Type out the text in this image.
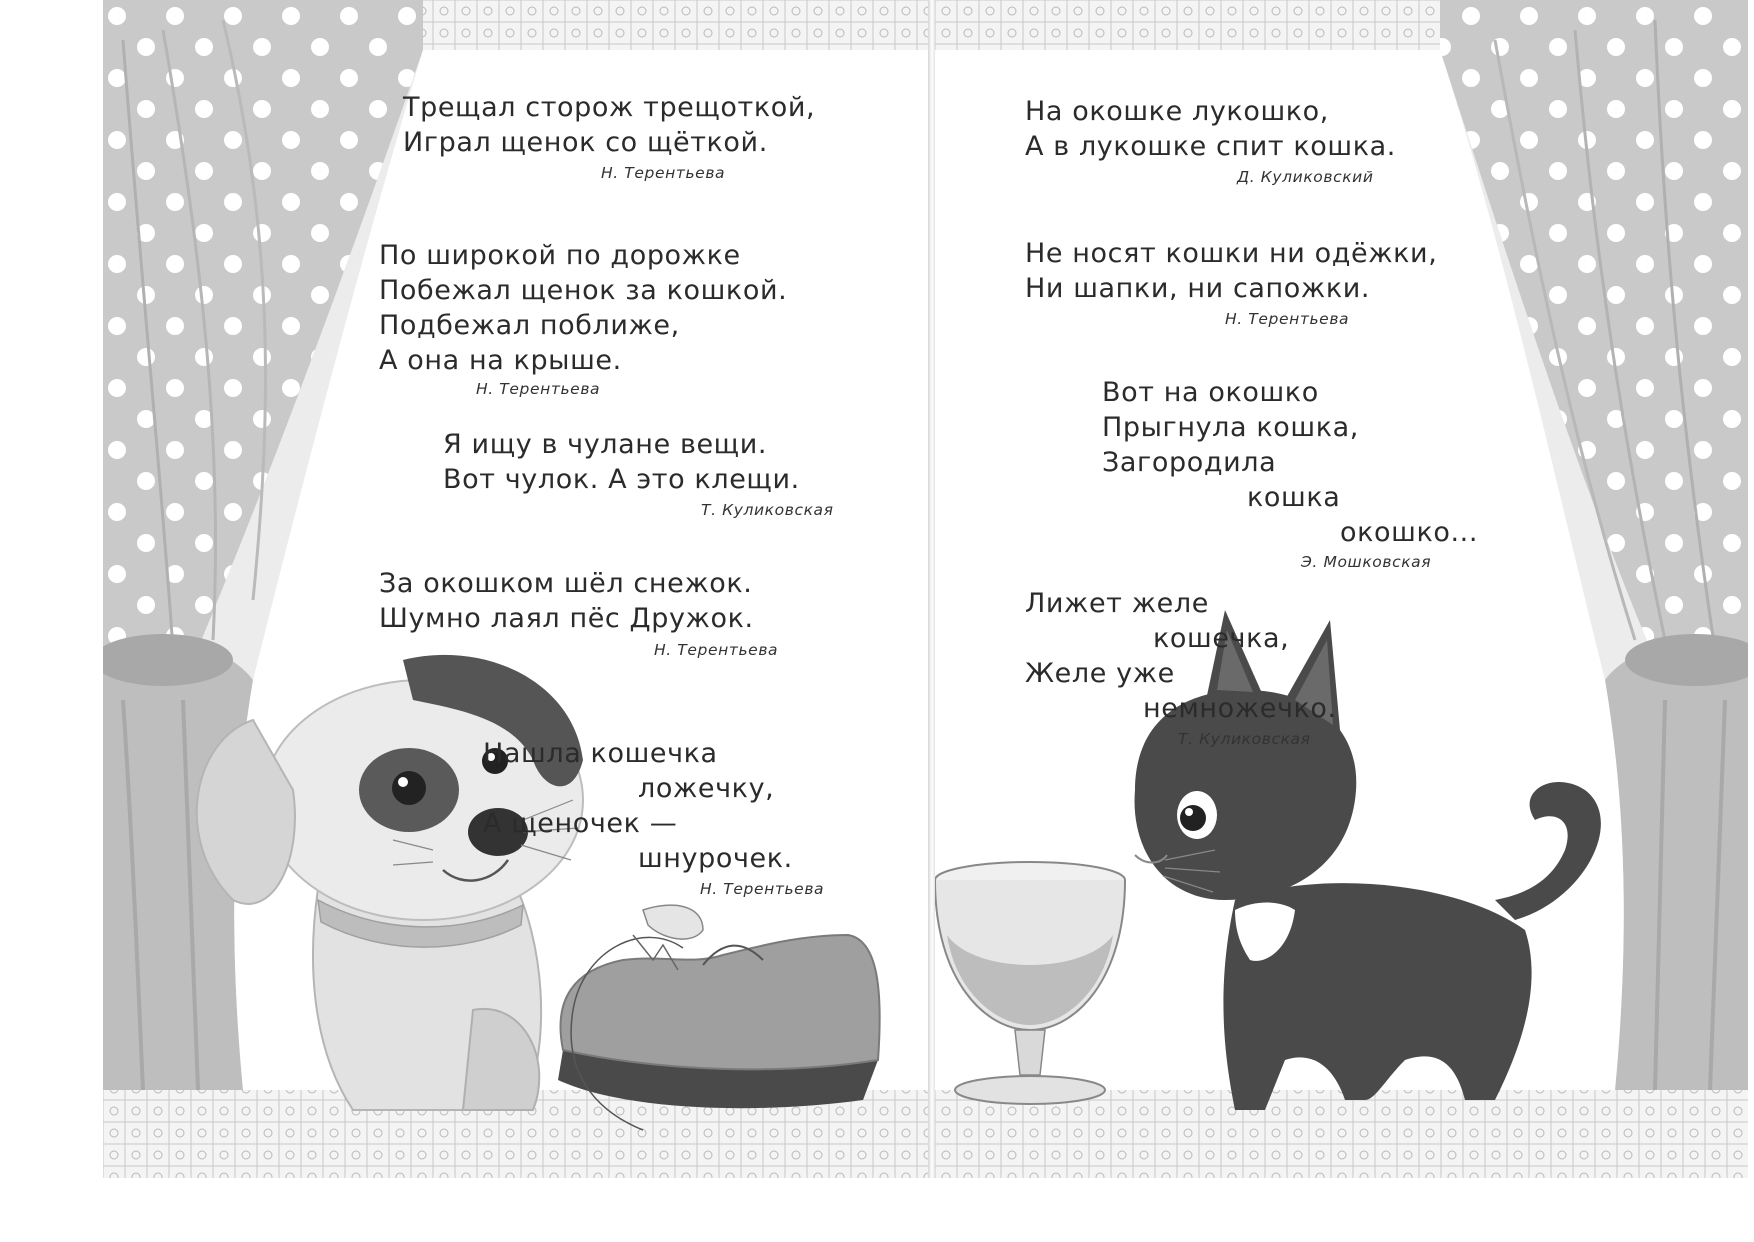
Трещал сторож трещоткой,
Играл щенок со щёткой.
Н. Терентьева
По широкой по дорожке
Побежал щенок за кошкой.
Подбежал поближе,
А она на крыше.
Н. Терентьева
Я ищу в чулане вещи.
Вот чулок. А это клещи.
Т. Куликовская
За окошком шёл снежок.
Шумно лаял пёс Дружок.
Н. Терентьева
Нашла кошечка
ложечку,
А щеночек —
шнурочек.
Н. Терентьева
На окошке лукошко,
А в лукошке спит кошка.
Д. Куликовский
Не носят кошки ни одёжки,
Ни шапки, ни сапожки.
Н. Терентьева
Вот на окошко
Прыгнула кошка,
Загородила
кошка
окошко...
Э. Мошковская
Лижет желе
кошечка,
Желе уже
немножечко.
Т. Куликовская
